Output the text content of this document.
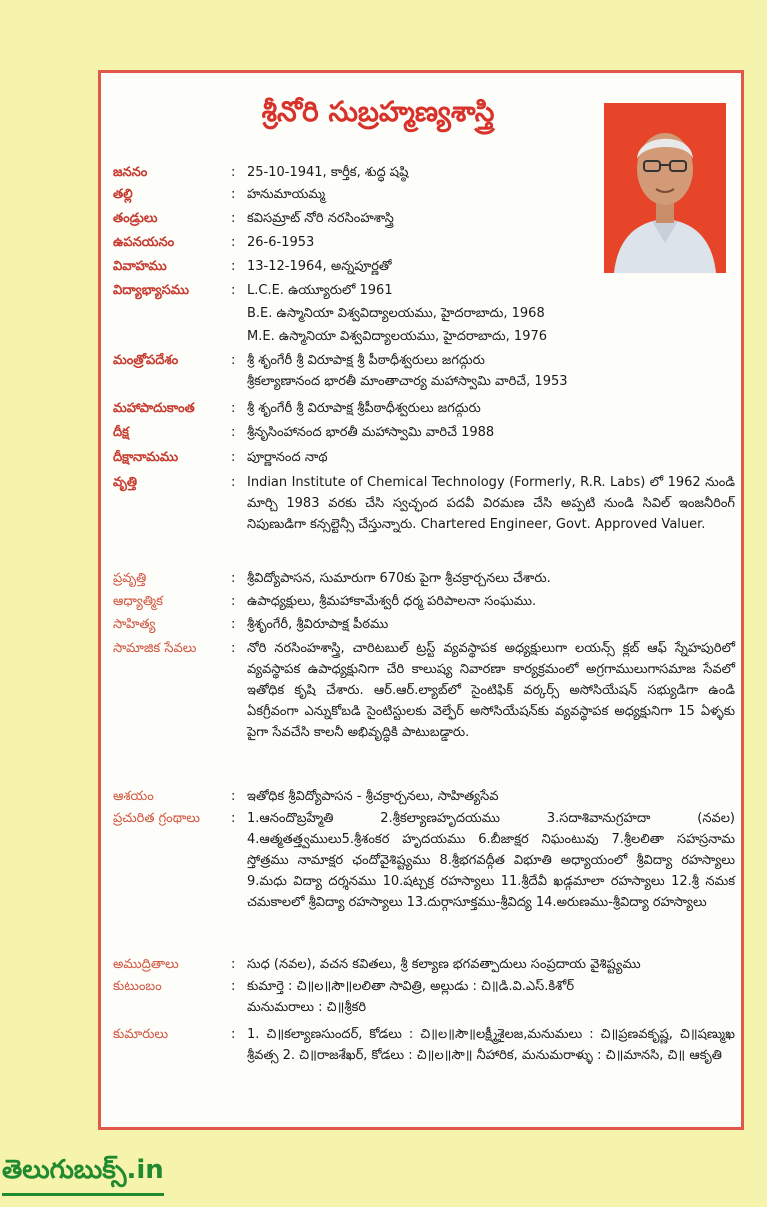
శ్రీనోరి సుబ్రహ్మణ్యశాస్త్రి
జననం	: 25-10-1941, కార్తీక, శుద్ధ షష్ఠి
తల్లి	: హనుమాయమ్మ
తండ్రులు	: కవిసమ్రాట్ నోరి నరసింహశాస్త్రి
ఉపనయనం	: 26-6-1953
వివాహము	: 13-12-1964, అన్నపూర్ణతో
విద్యాభ్యాసము	: L.C.E. ఉయ్యూరులో 1961
B.E. ఉస్మానియా విశ్వవిద్యాలయము, హైదరాబాదు, 1968
M.E. ఉస్మానియా విశ్వవిద్యాలయము, హైదరాబాదు, 1976
మంత్రోపదేశం	: శ్రీ శృంగేరీ శ్రీ విరూపాక్ష శ్రీ పీఠాధీశ్వరులు జగద్గురు
శ్రీకల్యాణానంద భారతీ మాంతాచార్య మహాస్వామి వారిచే, 1953
మహాపాదుకాంత	: శ్రీ శృంగేరీ శ్రీ విరూపాక్ష శ్రీపీఠాధీశ్వరులు జగద్గురు
దీక్ష	: శ్రీనృసింహానంద భారతీ మహాస్వామి వారిచే 1988
దీక్షానామము	: పూర్ణానంద నాథ
వృత్తి	: Indian Institute of Chemical Technology (Formerly, R.R. Labs) లో 1962 నుండి మార్చి 1983 వరకు చేసి స్వచ్ఛంద పదవీ విరమణ చేసి అప్పటి నుండి సివిల్ ఇంజనీరింగ్ నిపుణుడిగా కన్సల్టెన్సీ చేస్తున్నారు. Chartered Engineer, Govt. Approved Valuer.
ప్రవృత్తి	: శ్రీవిద్యోపాసన, సుమారుగా 670కు పైగా శ్రీచక్రార్చనలు చేశారు.
ఆధ్యాత్మిక	: ఉపాధ్యక్షులు, శ్రీమహాకామేశ్వరీ ధర్మ పరిపాలనా సంఘము.
సాహిత్య	: శ్రీశృంగేరీ, శ్రీవిరూపాక్ష పీఠము
సామాజిక సేవలు	: నోరి నరసింహశాస్త్రి, చారిటబుల్ ట్రస్ట్ వ్యవస్థాపక అధ్యక్షులుగా లయన్స్ క్లబ్ ఆఫ్ స్నేహపురిలో వ్యవస్థాపక ఉపాధ్యక్షునిగా చేరి కాలుష్య నివారణా కార్యక్రమంలో అగ్రగాములుగాసమాజ సేవలో ఇతోధిక కృషి చేశారు. ఆర్.ఆర్.ల్యాబ్‌లో సైంటిఫిక్ వర్కర్స్ అసోసియేషన్ సభ్యుడిగా ఉండి ఏకగ్రీవంగా ఎన్నుకోబడి సైంటిస్టులకు వెల్ఫేర్ అసోసియేషన్‌కు వ్యవస్థాపక అధ్యక్షునిగా 15 ఏళ్ళకు పైగా సేవచేసి కాలనీ అభివృద్ధికి పాటుబడ్డారు.
ఆశయం	: ఇతోధిక శ్రీవిద్యోపాసన - శ్రీచక్రార్చనలు, సాహిత్యసేవ
ప్రచురిత గ్రంథాలు	: 1.ఆనందొబ్రహ్మేతి 2.శ్రీకల్యాణహృదయము 3.సదాశివానుగ్రహదా (నవల) 4.ఆత్మతత్త్వములు5.శ్రీశంకర హృదయము 6.బీజాక్షర నిఘంటువు 7.శ్రీలలితా సహస్రనామ స్తోత్రము నామాక్షర ఛందోవైశిష్ట్యము 8.శ్రీభగవద్గీత విభూతి అధ్యాయంలో శ్రీవిద్యా రహస్యాలు 9.మధు విద్యా దర్శనము 10.షట్చక్ర రహస్యాలు 11.శ్రీదేవీ ఖడ్గమాలా రహస్యాలు 12.శ్రీ నమక చమకాలలో శ్రీవిద్యా రహస్యాలు 13.దుర్గాసూక్తము-శ్రీవిద్య 14.అరుణము-శ్రీవిద్యా రహస్యాలు
అముద్రితాలు	: సుధ (నవల), వచన కవితలు, శ్రీ కల్యాణ భగవత్పాదులు సంప్రదాయ వైశిష్ట్యము
కుటుంబం	: కుమార్తె : చి॥ల॥సౌ॥లలితా సావిత్రి, అల్లుడు : చి॥డి.వి.ఎస్.కిశోర్
మనుమరాలు : చి॥శ్రీకరి
కుమారులు	: 1. చి॥కల్యాణసుందర్, కోడలు : చి॥ల॥సౌ॥లక్ష్మీశైలజ,మనుమలు : చి॥ప్రణవకృష్ణ, చి॥షణ్ముఖ శ్రీవత్స 2. చి॥రాజశేఖర్, కోడలు : చి॥ల॥సౌ॥ నీహారిక, మనుమరాళ్ళు : చి॥మానసి, చి॥ ఆకృతి
తెలుగుబుక్స్.in
